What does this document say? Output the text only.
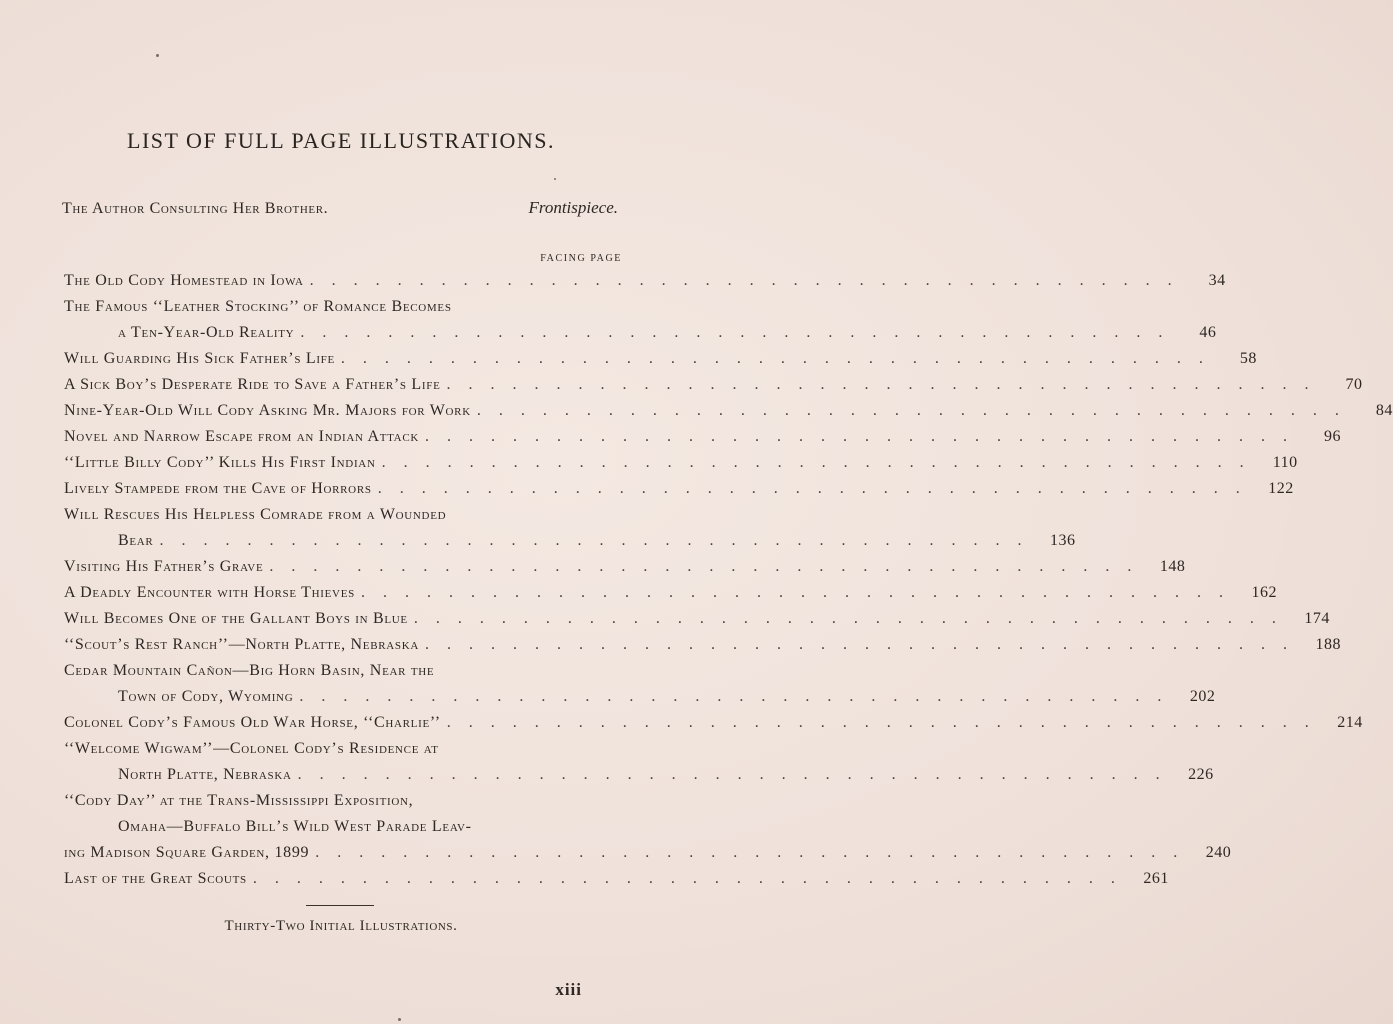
LIST OF FULL PAGE ILLUSTRATIONS.
The Author Consulting Her Brother.	Frontispiece.
FACING PAGE
The Old Cody Homestead in Iowa ........................................	34
The Famous ‘‘Leather Stocking’’ of Romance Becomes
a Ten-Year-Old Reality ........................................	46
Will Guarding His Sick Father’s Life ........................................	58
A Sick Boy’s Desperate Ride to Save a Father’s Life ........................................	70
Nine-Year-Old Will Cody Asking Mr. Majors for Work ........................................	84
Novel and Narrow Escape from an Indian Attack ........................................	96
‘‘Little Billy Cody’’ Kills His First Indian ........................................ 110
Lively Stampede from the Cave of Horrors ........................................ 122
Will Rescues His Helpless Comrade from a Wounded
Bear ........................................ 136
Visiting His Father’s Grave ........................................ 148
A Deadly Encounter with Horse Thieves ........................................ 162
Will Becomes One of the Gallant Boys in Blue ........................................ 174
‘‘Scout’s Rest Ranch’’—North Platte, Nebraska ........................................ 188
Cedar Mountain Cañon—Big Horn Basin, Near the
Town of Cody, Wyoming ........................................ 202
Colonel Cody’s Famous Old War Horse, ‘‘Charlie’’ ........................................ 214
‘‘Welcome Wigwam’’—Colonel Cody’s Residence at
North Platte, Nebraska ........................................ 226
‘‘Cody Day’’ at the Trans-Mississippi Exposition,
Omaha—Buffalo Bill’s Wild West Parade Leav-
ing Madison Square Garden, 1899 ........................................ 240
Last of the Great Scouts ........................................ 261
Thirty-Two Initial Illustrations.
xiii
